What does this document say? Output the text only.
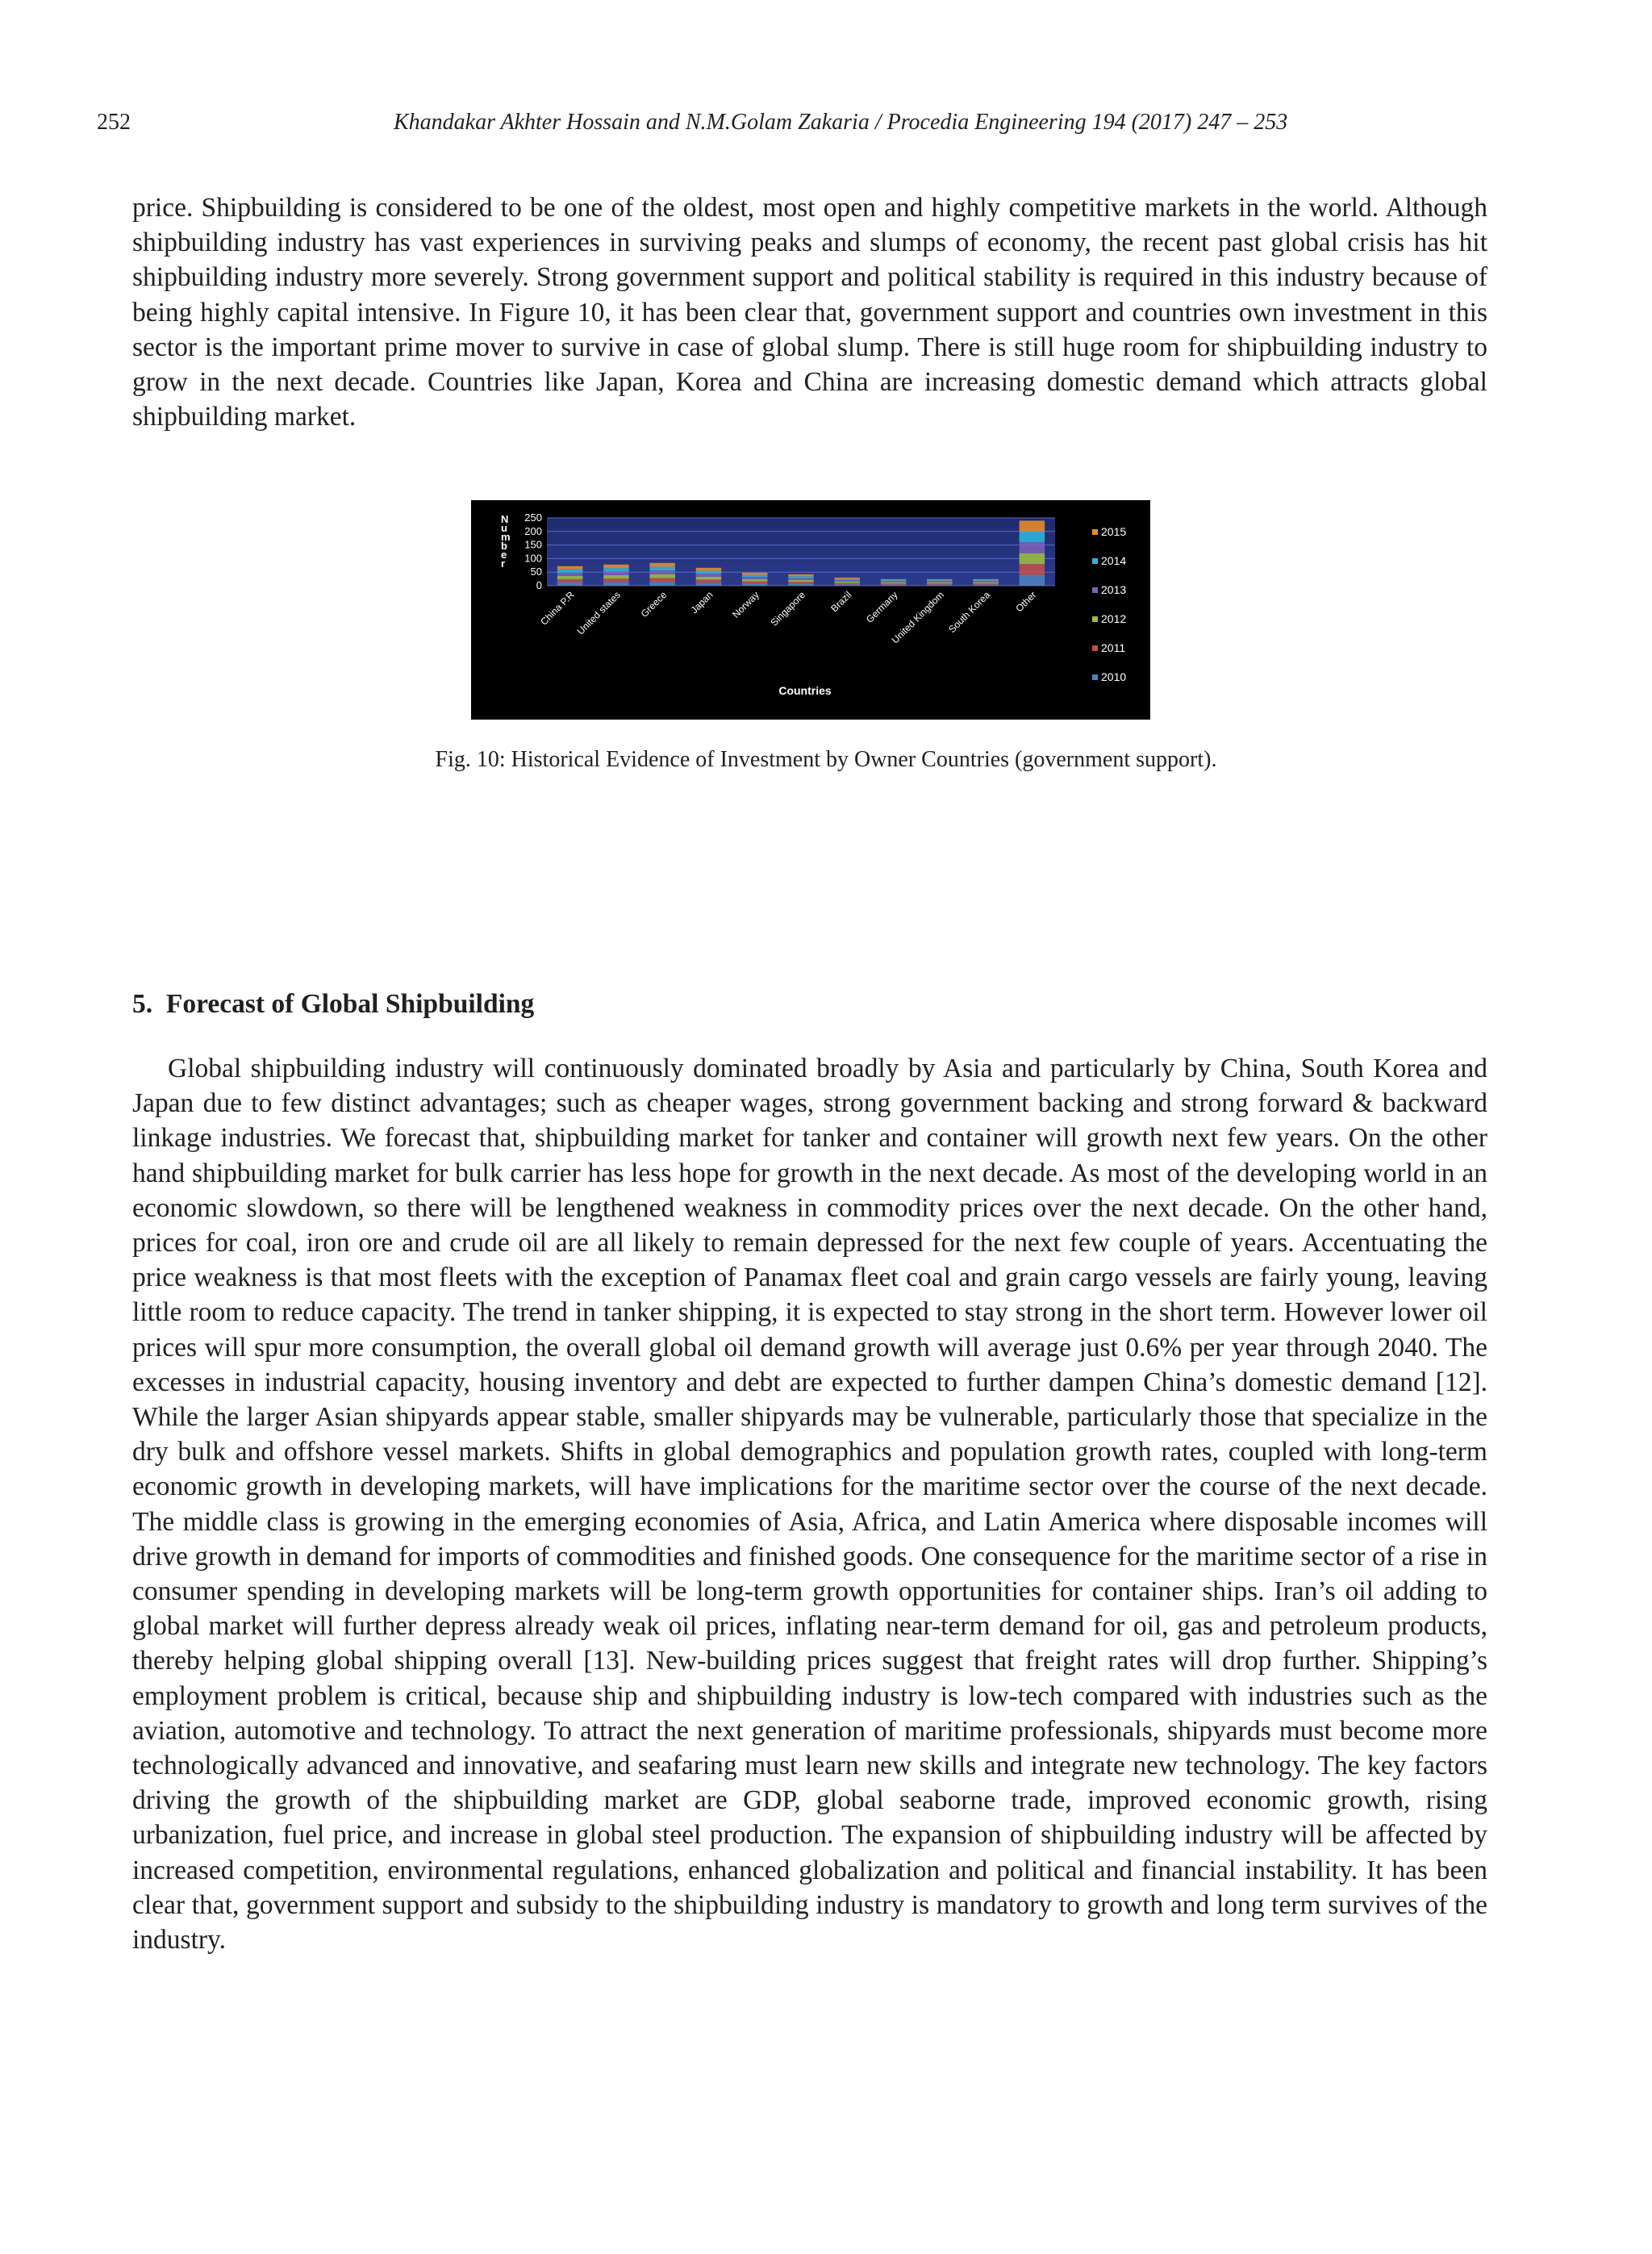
252	Khandakar Akhter Hossain and N.M.Golam Zakaria / Procedia Engineering 194 (2017) 247 – 253

price. Shipbuilding is considered to be one of the oldest, most open and highly competitive markets in the world. Although shipbuilding industry has vast experiences in surviving peaks and slumps of economy, the recent past global crisis has hit shipbuilding industry more severely. Strong government support and political stability is required in this industry because of being highly capital intensive. In Figure 10, it has been clear that, government support and countries own investment in this sector is the important prime mover to survive in case of global slump. There is still huge room for shipbuilding industry to grow in the next decade. Countries like Japan, Korea and China are increasing domestic demand which attracts global shipbuilding market.

0
50
100
150
200
250
China P.R
United states Greece Japan Norway Singapore Brazil Germany
United Kingdom South Korea Other
2015
2014
2013
2012
2011
2010
N u m b e r
Countries
Fig. 10: Historical Evidence of Investment by Owner Countries (government support).
5. Forecast of Global Shipbuilding

Global shipbuilding industry will continuously dominated broadly by Asia and particularly by China, South Korea and Japan due to few distinct advantages; such as cheaper wages, strong government backing and strong forward & backward linkage industries. We forecast that, shipbuilding market for tanker and container will growth next few years. On the other hand shipbuilding market for bulk carrier has less hope for growth in the next decade. As most of the developing world in an economic slowdown, so there will be lengthened weakness in commodity prices over the next decade. On the other hand, prices for coal, iron ore and crude oil are all likely to remain depressed for the next few couple of years. Accentuating the price weakness is that most fleets with the exception of Panamax fleet coal and grain cargo vessels are fairly young, leaving little room to reduce capacity. The trend in tanker shipping, it is expected to stay strong in the short term. However lower oil prices will spur more consumption, the overall global oil demand growth will average just 0.6% per year through 2040. The excesses in industrial capacity, housing inventory and debt are expected to further dampen China’s domestic demand [12]. While the larger Asian shipyards appear stable, smaller shipyards may be vulnerable, particularly those that specialize in the dry bulk and offshore vessel markets. Shifts in global demographics and population growth rates, coupled with long-term economic growth in developing markets, will have implications for the maritime sector over the course of the next decade. The middle class is growing in the emerging economies of Asia, Africa, and Latin America where disposable incomes will drive growth in demand for imports of commodities and finished goods. One consequence for the maritime sector of a rise in consumer spending in developing markets will be long-term growth opportunities for container ships. Iran’s oil adding to global market will further depress already weak oil prices, inflating near-term demand for oil, gas and petroleum products, thereby helping global shipping overall [13]. New-building prices suggest that freight rates will drop further. Shipping’s employment problem is critical, because ship and shipbuilding industry is low-tech compared with industries such as the aviation, automotive and technology. To attract the next generation of maritime professionals, shipyards must become more technologically advanced and innovative, and seafaring must learn new skills and integrate new technology. The key factors driving the growth of the shipbuilding market are GDP, global seaborne trade, improved economic growth, rising urbanization, fuel price, and increase in global steel production. The expansion of shipbuilding industry will be affected by increased competition, environmental regulations, enhanced globalization and political and financial instability. It has been clear that, government support and subsidy to the shipbuilding industry is mandatory to growth and long term survives of the industry.
